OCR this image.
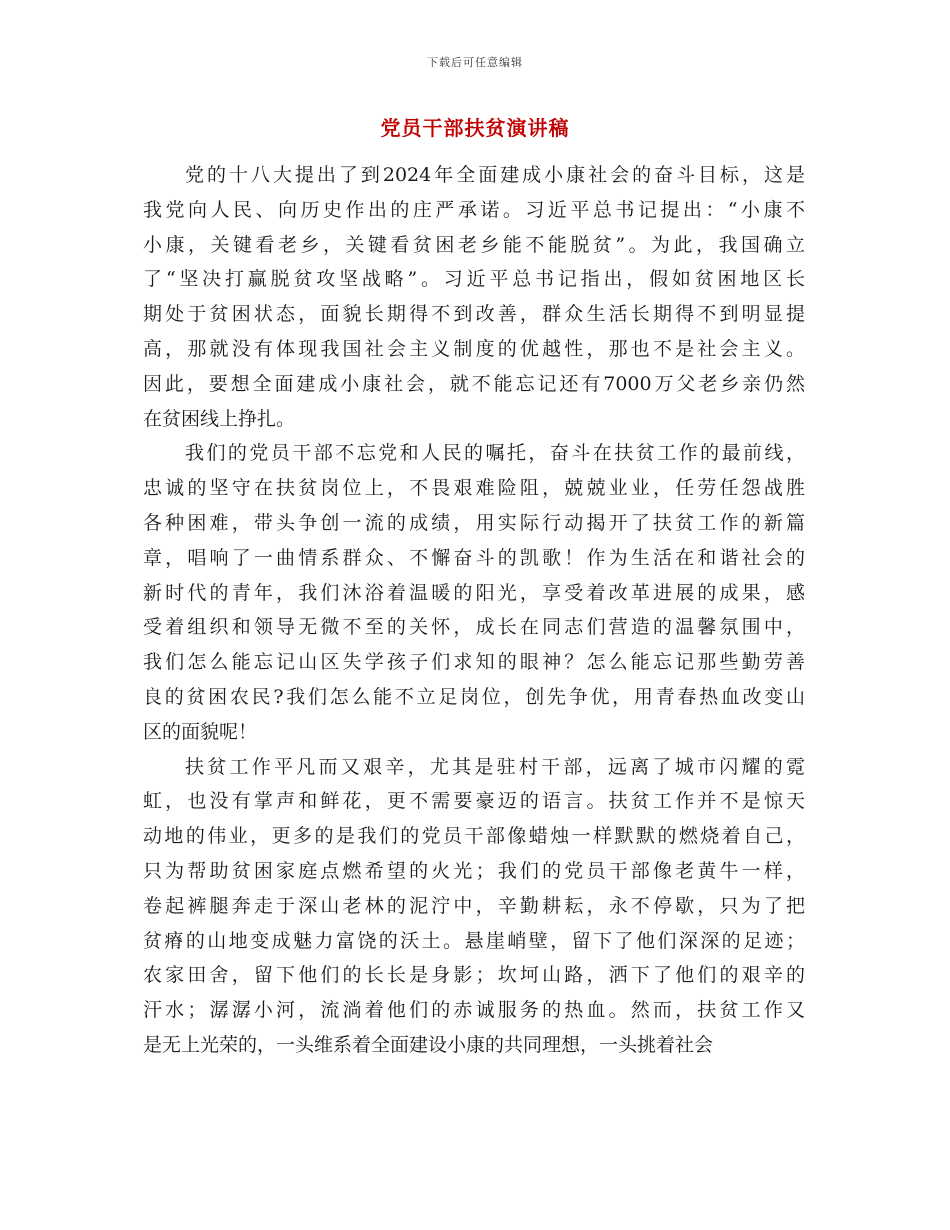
下载后可任意编辑
党员干部扶贫演讲稿
党的十八大提出了到2024年全面建成小康社会的奋斗目标，这是
我党向人民、向历史作出的庄严承诺。习近平总书记提出：“小康不
小康，关键看老乡，关键看贫困老乡能不能脱贫”。为此，我国确立
了“坚决打赢脱贫攻坚战略”。习近平总书记指出，假如贫困地区长
期处于贫困状态，面貌长期得不到改善，群众生活长期得不到明显提
高，那就没有体现我国社会主义制度的优越性，那也不是社会主义。
因此，要想全面建成小康社会，就不能忘记还有7000万父老乡亲仍然
在贫困线上挣扎。
我们的党员干部不忘党和人民的嘱托，奋斗在扶贫工作的最前线，
忠诚的坚守在扶贫岗位上，不畏艰难险阻，兢兢业业，任劳任怨战胜
各种困难，带头争创一流的成绩，用实际行动揭开了扶贫工作的新篇
章，唱响了一曲情系群众、不懈奋斗的凯歌！作为生活在和谐社会的
新时代的青年，我们沐浴着温暖的阳光，享受着改革进展的成果，感
受着组织和领导无微不至的关怀，成长在同志们营造的温馨氛围中，
我们怎么能忘记山区失学孩子们求知的眼神？怎么能忘记那些勤劳善
良的贫困农民?我们怎么能不立足岗位，创先争优，用青春热血改变山
区的面貌呢！
扶贫工作平凡而又艰辛，尤其是驻村干部，远离了城市闪耀的霓
虹，也没有掌声和鲜花，更不需要豪迈的语言。扶贫工作并不是惊天
动地的伟业，更多的是我们的党员干部像蜡烛一样默默的燃烧着自己，
只为帮助贫困家庭点燃希望的火光；我们的党员干部像老黄牛一样，
卷起裤腿奔走于深山老林的泥泞中，辛勤耕耘，永不停歇，只为了把
贫瘠的山地变成魅力富饶的沃土。悬崖峭壁，留下了他们深深的足迹；
农家田舍，留下他们的长长是身影；坎坷山路，洒下了他们的艰辛的
汗水；潺潺小河，流淌着他们的赤诚服务的热血。然而，扶贫工作又
是无上光荣的，一头维系着全面建设小康的共同理想，一头挑着社会
